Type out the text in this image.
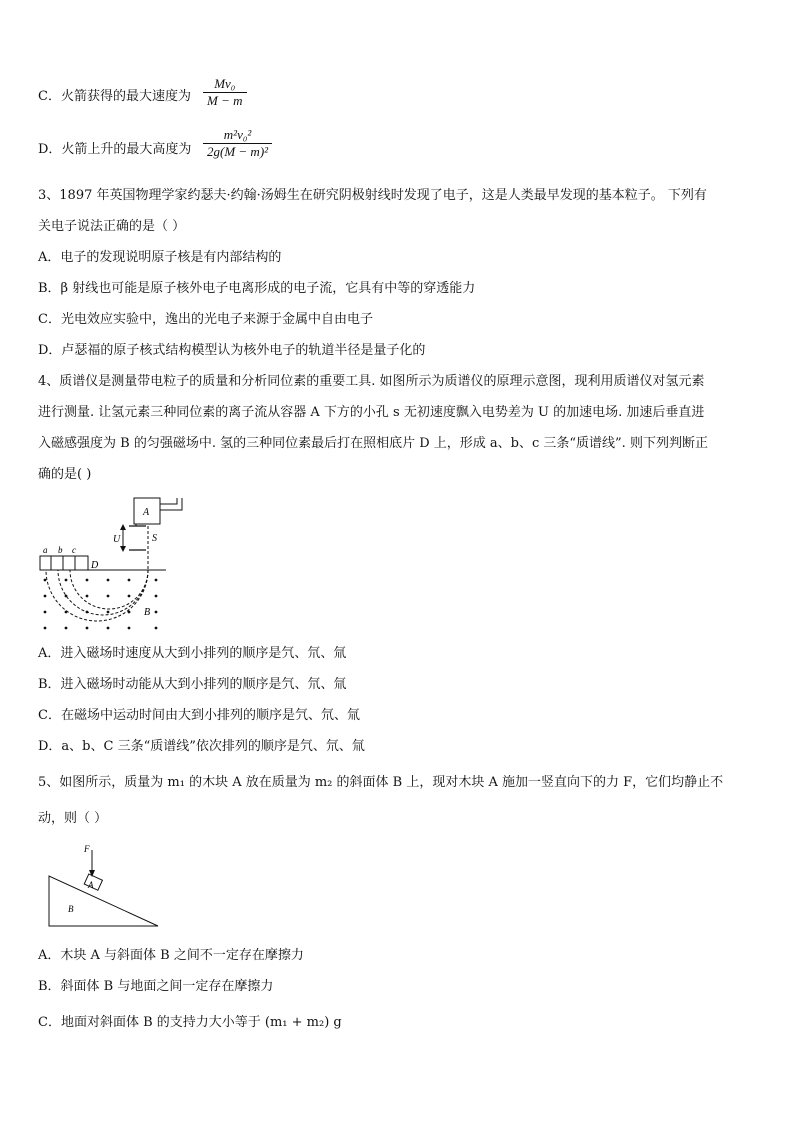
C．火箭获得的最大速度为
Mv₀
M − m
D．火箭上升的最大高度为
m²v₀²
2g(M − m)²
3、1897 年英国物理学家约瑟夫·约翰·汤姆生在研究阴极射线时发现了电子，这是人类最早发现的基本粒子。 下列有
关电子说法正确的是（ ）
A．电子的发现说明原子核是有内部结构的
B．β 射线也可能是原子核外电子电离形成的电子流，它具有中等的穿透能力
C．光电效应实验中，逸出的光电子来源于金属中自由电子
D．卢瑟福的原子核式结构模型认为核外电子的轨道半径是量子化的
4、质谱仪是测量带电粒子的质量和分析同位素的重要工具. 如图所示为质谱仪的原理示意图，现利用质谱仪对氢元素
进行测量. 让氢元素三种同位素的离子流从容器 A 下方的小孔 s 无初速度飘入电势差为 U 的加速电场. 加速后垂直进
入磁感强度为 B 的匀强磁场中. 氢的三种同位素最后打在照相底片 D 上，形成 a、b、c 三条“质谱线”. 则下列判断正
确的是( )
A
U	S
a b c
D
B
A．进入磁场时速度从大到小排列的顺序是氕、氘、氚
B．进入磁场时动能从大到小排列的顺序是氕、氘、氚
C．在磁场中运动时间由大到小排列的顺序是氕、氘、氚
D．a、b、C 三条“质谱线”依次排列的顺序是氕、氘、氚
5、如图所示，质量为 m₁ 的木块 A 放在质量为 m₂ 的斜面体 B 上，现对木块 A 施加一竖直向下的力 F，它们均静止不
动，则（ ）
A
F
B
A．木块 A 与斜面体 B 之间不一定存在摩擦力
B．斜面体 B 与地面之间一定存在摩擦力
C．地面对斜面体 B 的支持力大小等于 (m₁ + m₂) g
